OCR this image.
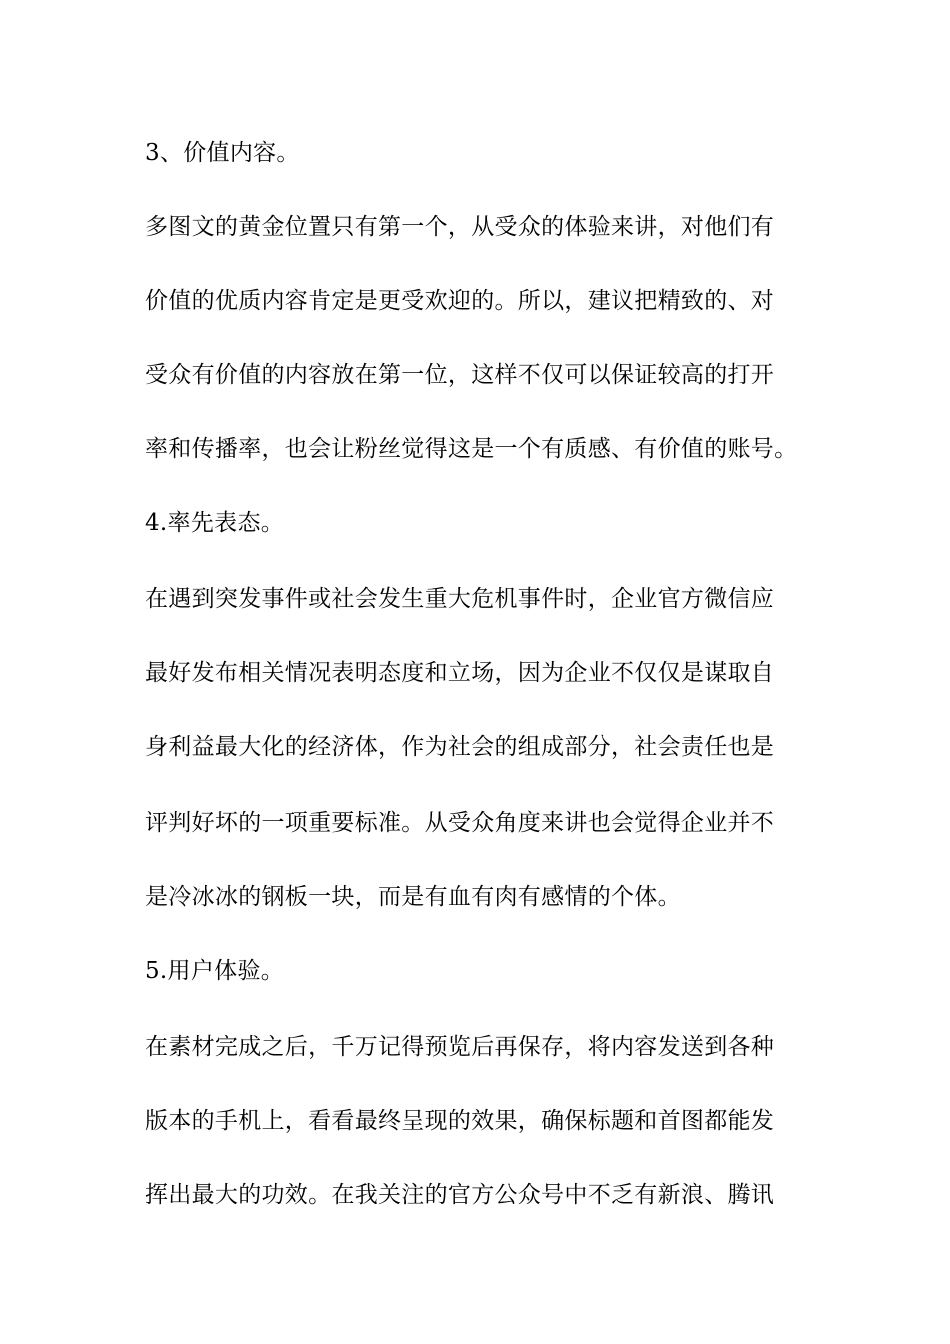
3、价值内容。

多图文的黄金位置只有第一个，从受众的体验来讲，对他们有

价值的优质内容肯定是更受欢迎的。所以，建议把精致的、对

受众有价值的内容放在第一位，这样不仅可以保证较高的打开

率和传播率，也会让粉丝觉得这是一个有质感、有价值的账号。

4.率先表态。

在遇到突发事件或社会发生重大危机事件时，企业官方微信应

最好发布相关情况表明态度和立场，因为企业不仅仅是谋取自

身利益最大化的经济体，作为社会的组成部分，社会责任也是

评判好坏的一项重要标准。从受众角度来讲也会觉得企业并不

是冷冰冰的钢板一块，而是有血有肉有感情的个体。

5.用户体验。

在素材完成之后，千万记得预览后再保存，将内容发送到各种

版本的手机上，看看最终呈现的效果，确保标题和首图都能发

挥出最大的功效。在我关注的官方公众号中不乏有新浪、腾讯
